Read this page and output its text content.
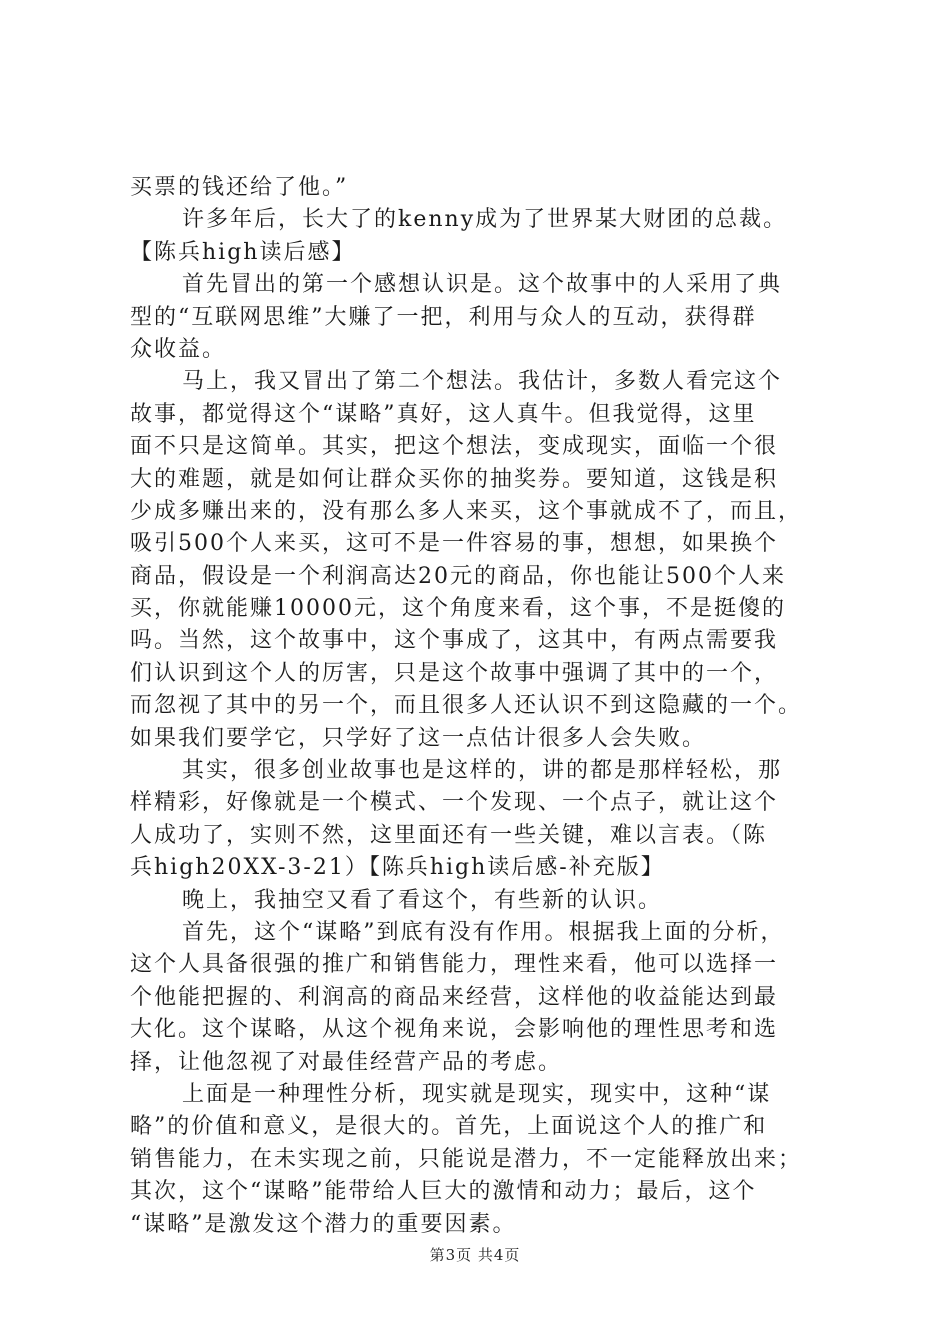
买票的钱还给了他。”
许多年后，长大了的kenny成为了世界某大财团的总裁。
【陈兵high读后感】
首先冒出的第一个感想认识是。这个故事中的人采用了典
型的“互联网思维”大赚了一把，利用与众人的互动，获得群
众收益。
马上，我又冒出了第二个想法。我估计，多数人看完这个
故事，都觉得这个“谋略”真好，这人真牛。但我觉得，这里
面不只是这简单。其实，把这个想法，变成现实，面临一个很
大的难题，就是如何让群众买你的抽奖券。要知道，这钱是积
少成多赚出来的，没有那么多人来买，这个事就成不了，而且，
吸引500个人来买，这可不是一件容易的事，想想，如果换个
商品，假设是一个利润高达20元的商品，你也能让500个人来
买，你就能赚10000元，这个角度来看，这个事，不是挺傻的
吗。当然，这个故事中，这个事成了，这其中，有两点需要我
们认识到这个人的厉害，只是这个故事中强调了其中的一个，
而忽视了其中的另一个，而且很多人还认识不到这隐藏的一个。
如果我们要学它，只学好了这一点估计很多人会失败。
其实，很多创业故事也是这样的，讲的都是那样轻松，那
样精彩，好像就是一个模式、一个发现、一个点子，就让这个
人成功了，实则不然，这里面还有一些关键，难以言表。（陈
兵high20XX-3-21）【陈兵high读后感-补充版】
晚上，我抽空又看了看这个，有些新的认识。
首先，这个“谋略”到底有没有作用。根据我上面的分析，
这个人具备很强的推广和销售能力，理性来看，他可以选择一
个他能把握的、利润高的商品来经营，这样他的收益能达到最
大化。这个谋略，从这个视角来说，会影响他的理性思考和选
择，让他忽视了对最佳经营产品的考虑。
上面是一种理性分析，现实就是现实，现实中，这种“谋
略”的价值和意义，是很大的。首先，上面说这个人的推广和
销售能力，在未实现之前，只能说是潜力，不一定能释放出来；
其次，这个“谋略”能带给人巨大的激情和动力；最后，这个
“谋略”是激发这个潜力的重要因素。
第3页 共4页
